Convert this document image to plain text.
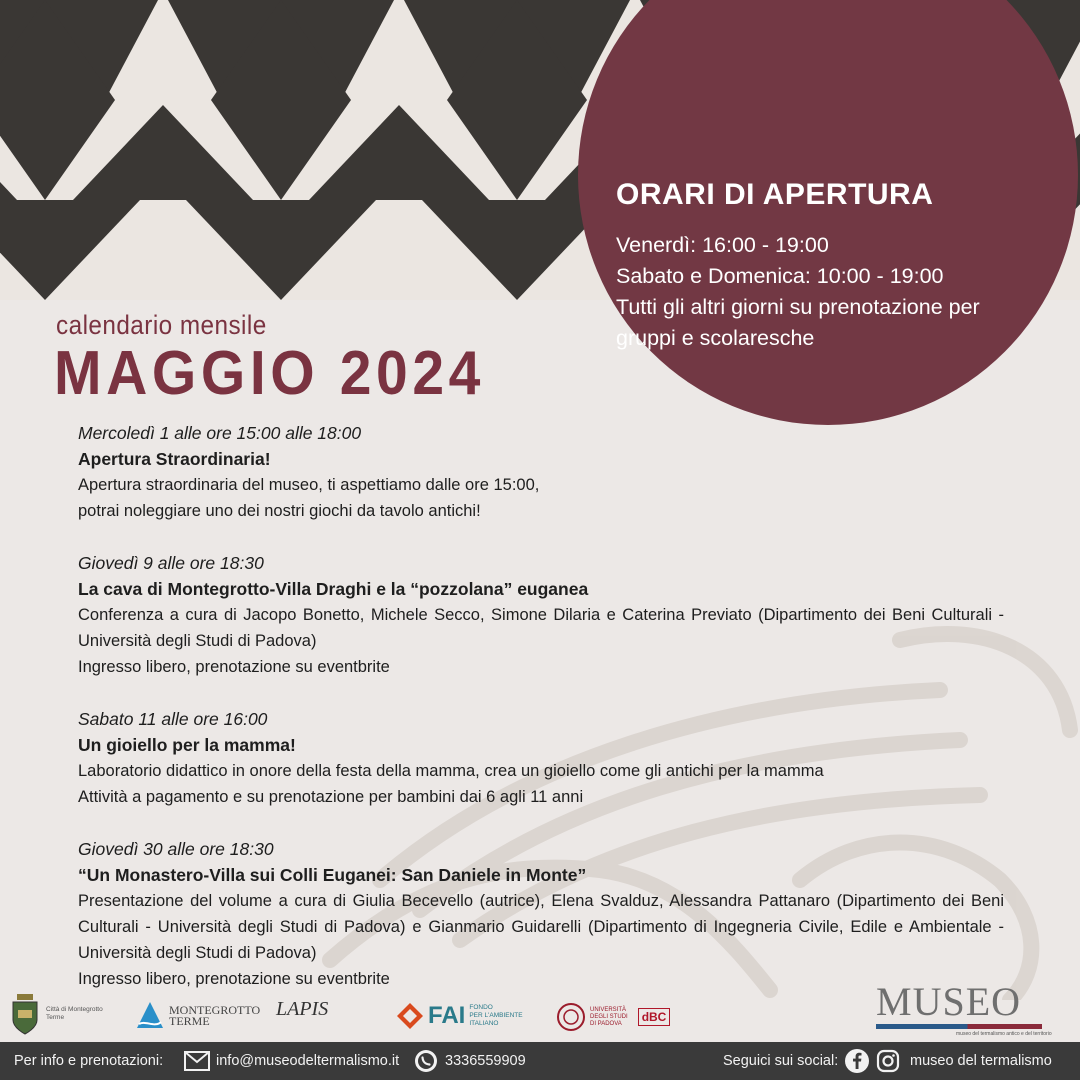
ORARI DI APERTURA
Venerdì: 16:00 - 19:00
Sabato e Domenica: 10:00 - 19:00
Tutti gli altri giorni su prenotazione per
gruppi e scolaresche
calendario mensile
MAGGIO 2024
Mercoledì 1 alle ore 15:00 alle 18:00
Apertura Straordinaria!
Apertura straordinaria del museo, ti aspettiamo dalle ore 15:00,
potrai noleggiare uno dei nostri giochi da tavolo antichi!
Giovedì 9 alle ore 18:30
La cava di Montegrotto-Villa Draghi e la “pozzolana” euganea
Conferenza a cura di Jacopo Bonetto, Michele Secco, Simone Dilaria e Caterina Previato (Dipartimento dei Beni Culturali - Università degli Studi di Padova)
Ingresso libero, prenotazione su eventbrite
Sabato 11 alle ore 16:00
Un gioiello per la mamma!
Laboratorio didattico in onore della festa della mamma, crea un gioiello come gli antichi per la mamma
Attività a pagamento e su prenotazione per bambini dai 6 agli 11 anni
Giovedì 30 alle ore 18:30
“Un Monastero-Villa sui Colli Euganei: San Daniele in Monte”
Presentazione del volume a cura di Giulia Becevello (autrice), Elena Svalduz, Alessandra Pattanaro (Dipartimento dei Beni Culturali - Università degli Studi di Padova) e Gianmario Guidarelli (Dipartimento di Ingegneria Civile, Edile e Ambientale - Università degli Studi di Padova)
Ingresso libero, prenotazione su eventbrite
Città di Montegrotto Terme
MONTEGROTTO
TERME
LAPIS	FAI FONDO
PER L'AMBIENTE
ITALIANO
UNIVERSITÀ
DEGLI STUDI
DI PADOVA	dBC	MUSEO
museo del termalismo antico e del territorio
Per info e prenotazioni:	info@museodeltermalismo.it	3336559909	Seguici sui social:	museo del termalismo
